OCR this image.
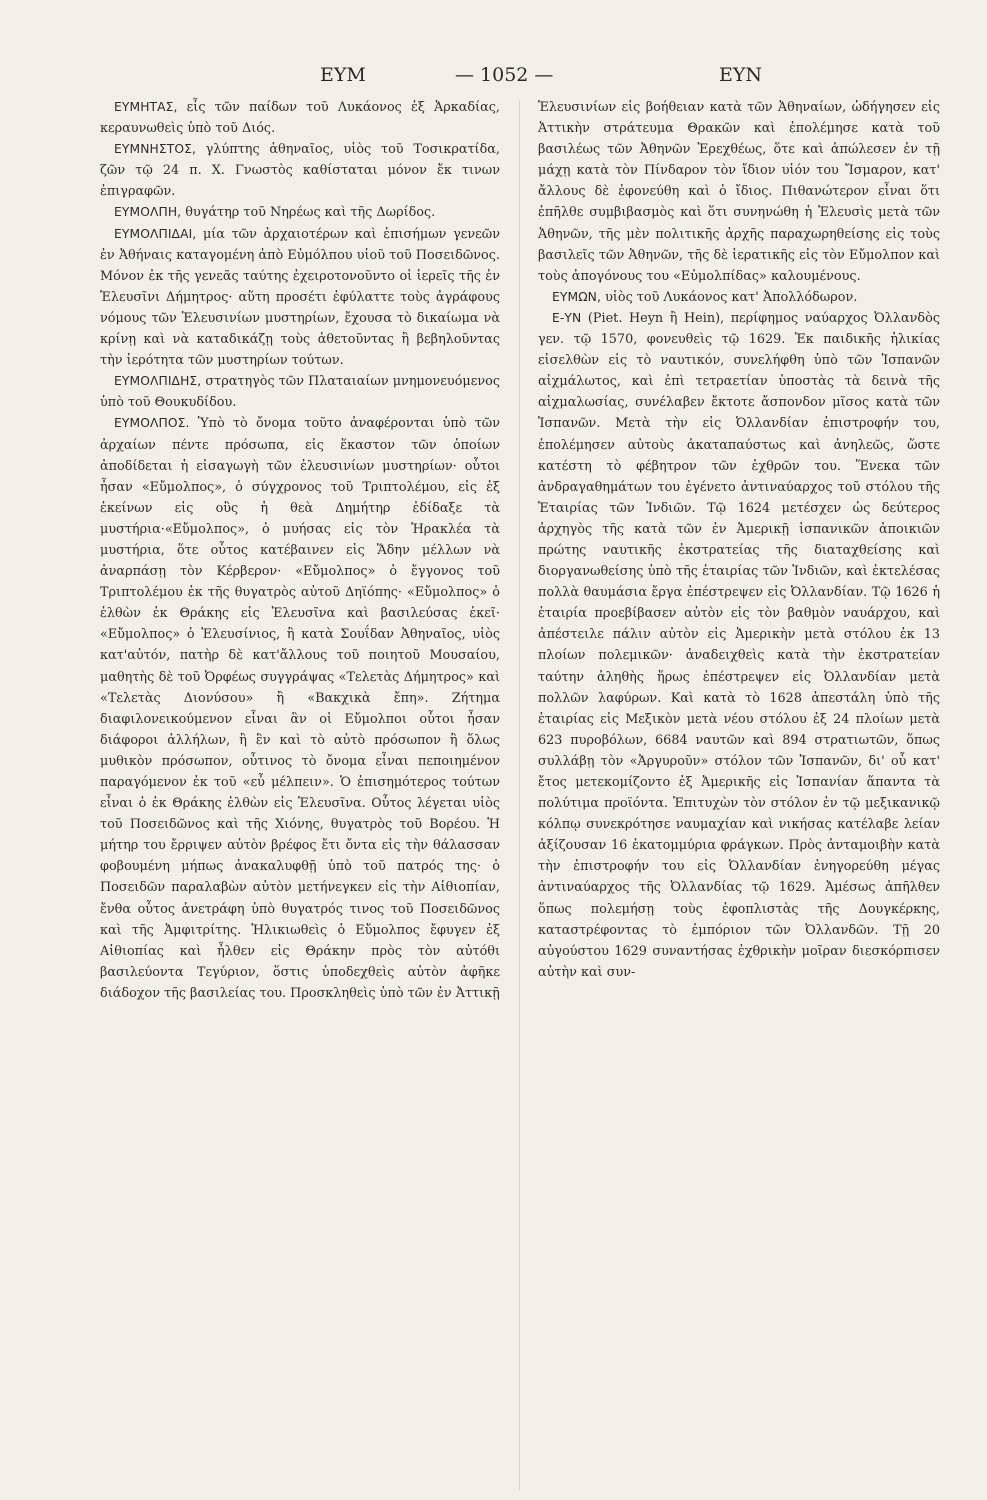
ΕΥΜ	— 1052 —	ΕΥΝ

ΕΥΜΗΤΑΣ, εἷς τῶν παίδων τοῦ Λυκάονος ἐξ Ἀρκαδίας, κεραυνωθεὶς ὑπὸ τοῦ Διός.

ΕΥΜΝΗΣΤΟΣ, γλύπτης ἀθηναῖος, υἱὸς τοῦ Τοσικρατίδα, ζῶν τῷ 24 π. Χ. Γνωστὸς καθίσταται μόνον ἔκ τινων ἐπιγραφῶν.

ΕΥΜΟΛΠΗ, θυγάτηρ τοῦ Νηρέως καὶ τῆς Δωρίδος.

ΕΥΜΟΛΠΙΔΑΙ, μία τῶν ἀρχαιοτέρων καὶ ἐπισήμων γενεῶν ἐν Ἀθήναις καταγομένη ἀπὸ Εὐμόλπου υἱοῦ τοῦ Ποσειδῶνος. Μόνον ἐκ τῆς γενεᾶς ταύτης ἐχειροτονοῦντο οἱ ἱερεῖς τῆς ἐν Ἐλευσῖνι Δήμητρος· αὕτη προσέτι ἐφύλαττε τοὺς ἀγράφους νόμους τῶν Ἐλευσινίων μυστηρίων, ἔχουσα τὸ δικαίωμα νὰ κρίνῃ καὶ νὰ καταδικάζῃ τοὺς ἀθετοῦντας ἢ βεβηλοῦντας τὴν ἱερότητα τῶν μυστηρίων τούτων.

ΕΥΜΟΛΠΙΔΗΣ, στρατηγὸς τῶν Πλαταιαίων μνημονευόμενος ὑπὸ τοῦ Θουκυδίδου.

ΕΥΜΟΛΠΟΣ. Ὑπὸ τὸ ὄνομα τοῦτο ἀναφέρονται ὑπὸ τῶν ἀρχαίων πέντε πρόσωπα, εἰς ἕκαστον τῶν ὁποίων ἀποδίδεται ἡ εἰσαγωγὴ τῶν ἐλευσινίων μυστηρίων· οὗτοι ἦσαν «Εὔμολπος», ὁ σύγχρονος τοῦ Τριπτολέμου, εἰς ἐξ ἐκείνων εἰς οὓς ἡ θεὰ Δημήτηρ ἐδίδαξε τὰ μυστήρια·«Εὔμολπος», ὁ μυήσας εἰς τὸν Ἡρακλέα τὰ μυστήρια, ὅτε οὗτος κατέβαινεν εἰς Ἅδην μέλλων νὰ ἀναρπάσῃ τὸν Κέρβερον· «Εὔμολπος» ὁ ἔγγονος τοῦ Τριπτολέμου ἐκ τῆς θυγατρὸς αὐτοῦ Δηϊόπης· «Εὔμολπος» ὁ ἐλθὼν ἐκ Θράκης εἰς Ἐλευσῖνα καὶ βασιλεύσας ἐκεῖ· «Εὔμολπος» ὁ Ἐλευσίνιος, ἢ κατὰ Σουΐδαν Ἀθηναῖος, υἱὸς κατ'αὐτόν, πατὴρ δὲ κατ'ἄλλους τοῦ ποιητοῦ Μουσαίου, μαθητὴς δὲ τοῦ Ὀρφέως συγγράψας «Τελετὰς Δήμητρος» καὶ «Τελετὰς Διονύσου» ἢ «Βακχικὰ ἔπη». Ζήτημα διαφιλονεικούμενον εἶναι ἂν οἱ Εὔμολποι οὗτοι ἦσαν διάφοροι ἀλλήλων, ἢ ἓν καὶ τὸ αὐτὸ πρόσωπον ἢ ὅλως μυθικὸν πρόσωπον, οὗτινος τὸ ὄνομα εἶναι πεποιημένον παραγόμενον ἐκ τοῦ «εὖ μέλπειν». Ὁ ἐπισημότερος τούτων εἶναι ὁ ἐκ Θράκης ἐλθὼν εἰς Ἐλευσῖνα. Οὗτος λέγεται υἱὸς τοῦ Ποσειδῶνος καὶ τῆς Χιόνης, θυγατρὸς τοῦ Βορέου. Ἡ μήτηρ του ἔρριψεν αὐτὸν βρέφος ἔτι ὄντα εἰς τὴν θάλασσαν φοβουμένη μήπως ἀνακαλυφθῇ ὑπὸ τοῦ πατρός της· ὁ Ποσειδῶν παραλαβὼν αὐτὸν μετήνεγκεν εἰς τὴν Αἰθιοπίαν, ἔνθα οὗτος ἀνετράφη ὑπὸ θυγατρός τινος τοῦ Ποσειδῶνος καὶ τῆς Ἀμφιτρίτης. Ἡλικιωθεὶς ὁ Εὔμολπος ἔφυγεν ἐξ Αἰθιοπίας καὶ ἦλθεν εἰς Θράκην πρὸς τὸν αὐτόθι βασιλεύοντα Τεγύριον, ὅστις ὑποδεχθεὶς αὐτὸν ἀφῆκε διάδοχον τῆς βασιλείας του. Προσκληθεὶς ὑπὸ τῶν ἐν Ἀττικῇ

Ἐλευσινίων εἰς βοήθειαν κατὰ τῶν Ἀθηναίων, ὡδήγησεν εἰς Ἀττικὴν στράτευμα Θρακῶν καὶ ἐπολέμησε κατὰ τοῦ βασιλέως τῶν Ἀθηνῶν Ἐρεχθέως, ὅτε καὶ ἀπώλεσεν ἐν τῇ μάχῃ κατὰ τὸν Πίνδαρον τὸν ἴδιον υἱόν του Ἴσμαρον, κατ' ἄλλους δὲ ἐφονεύθη καὶ ὁ ἴδιος. Πιθανώτερον εἶναι ὅτι ἐπῆλθε συμβιβασμὸς καὶ ὅτι συνηνώθη ἡ Ἐλευσὶς μετὰ τῶν Ἀθηνῶν, τῆς μὲν πολιτικῆς ἀρχῆς παραχωρηθείσης εἰς τοὺς βασιλεῖς τῶν Ἀθηνῶν, τῆς δὲ ἱερατικῆς εἰς τὸν Εὔμολπον καὶ τοὺς ἀπογόνους του «Εὐμολπίδας» καλουμένους.

ΕΥΜΩΝ, υἱὸς τοῦ Λυκάονος κατ' Ἀπολλόδωρον.

Ε-ΥΝ (Piet. Heyn ἢ Hein), περίφημος ναύαρχος Ὀλλανδὸς γεν. τῷ 1570, φονευθεὶς τῷ 1629. Ἐκ παιδικῆς ἡλικίας εἰσελθὼν εἰς τὸ ναυτικόν, συνελήφθη ὑπὸ τῶν Ἱσπανῶν αἰχμάλωτος, καὶ ἐπὶ τετραετίαν ὑποστὰς τὰ δεινὰ τῆς αἰχμαλωσίας, συνέλαβεν ἔκτοτε ἄσπονδον μῖσος κατὰ τῶν Ἱσπανῶν. Μετὰ τὴν εἰς Ὀλλανδίαν ἐπιστροφήν του, ἐπολέμησεν αὐτοὺς ἀκαταπαύστως καὶ ἀνηλεῶς, ὥστε κατέστη τὸ φέβητρον τῶν ἐχθρῶν του. Ἕνεκα τῶν ἀνδραγαθημάτων του ἐγένετο ἀντιναύαρχος τοῦ στόλου τῆς Ἑταιρίας τῶν Ἰνδιῶν. Τῷ 1624 μετέσχεν ὡς δεύτερος ἀρχηγὸς τῆς κατὰ τῶν ἐν Ἀμερικῇ ἱσπανικῶν ἀποικιῶν πρώτης ναυτικῆς ἐκστρατείας τῆς διαταχθείσης καὶ διοργανωθείσης ὑπὸ τῆς ἑταιρίας τῶν Ἰνδιῶν, καὶ ἐκτελέσας πολλὰ θαυμάσια ἔργα ἐπέστρεψεν εἰς Ὀλλανδίαν. Τῷ 1626 ἡ ἑταιρία προεβίβασεν αὐτὸν εἰς τὸν βαθμὸν ναυάρχου, καὶ ἀπέστειλε πάλιν αὐτὸν εἰς Ἀμερικὴν μετὰ στόλου ἐκ 13 πλοίων πολεμικῶν· ἀναδειχθεὶς κατὰ τὴν ἐκστρατείαν ταύτην ἀληθὴς ἥρως ἐπέστρεψεν εἰς Ὀλλανδίαν μετὰ πολλῶν λαφύρων. Καὶ κατὰ τὸ 1628 ἀπεστάλη ὑπὸ τῆς ἑταιρίας εἰς Μεξικὸν μετὰ νέου στόλου ἐξ 24 πλοίων μετὰ 623 πυροβόλων, 6684 ναυτῶν καὶ 894 στρατιωτῶν, ὅπως συλλάβῃ τὸν «Ἀργυροῦν» στόλον τῶν Ἱσπανῶν, δι' οὗ κατ' ἔτος μετεκομίζοντο ἐξ Ἀμερικῆς εἰς Ἱσπανίαν ἅπαντα τὰ πολύτιμα προϊόντα. Ἐπιτυχὼν τὸν στόλον ἐν τῷ μεξικανικῷ κόλπῳ συνεκρότησε ναυμαχίαν καὶ νικήσας κατέλαβε λείαν ἀξίζουσαν 16 ἑκατομμύρια φράγκων. Πρὸς ἀνταμοιβὴν κατὰ τὴν ἐπιστροφήν του εἰς Ὀλλανδίαν ἐνηγορεύθη μέγας ἀντιναύαρχος τῆς Ὀλλανδίας τῷ 1629. Ἀμέσως ἀπῆλθεν ὅπως πολεμήσῃ τοὺς ἐφοπλιστὰς τῆς Δουγκέρκης, καταστρέφοντας τὸ ἐμπόριον τῶν Ὀλλανδῶν. Τῇ 20 αὐγούστου 1629 συναντήσας ἐχθρικὴν μοῖραν διεσκόρπισεν αὐτὴν καὶ συν-
